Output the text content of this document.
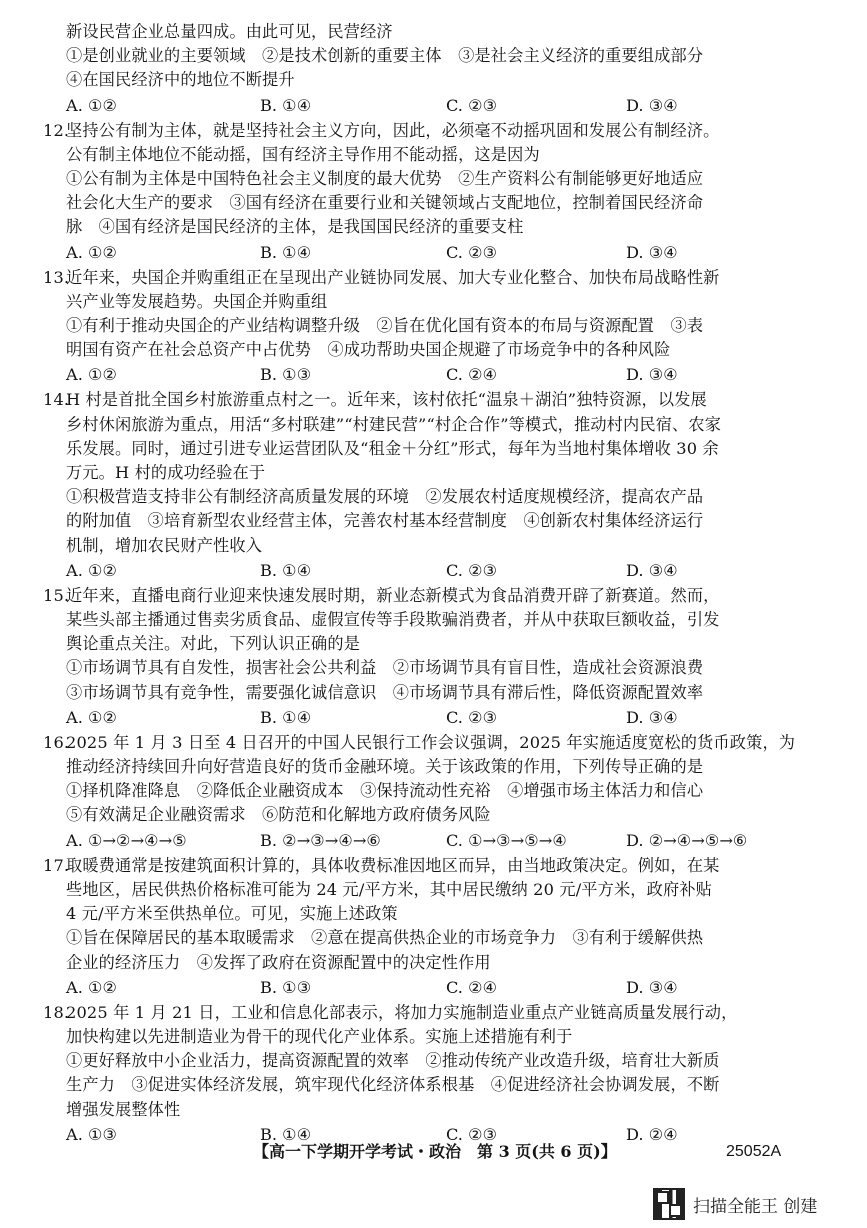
新设民营企业总量四成。由此可见，民营经济
①是创业就业的主要领域　②是技术创新的重要主体　③是社会主义经济的重要组成部分
④在国民经济中的地位不断提升
A. ①②	B. ①④	C. ②③	D. ③④
12.坚持公有制为主体，就是坚持社会主义方向，因此，必须毫不动摇巩固和发展公有制经济。
公有制主体地位不能动摇，国有经济主导作用不能动摇，这是因为
①公有制为主体是中国特色社会主义制度的最大优势　②生产资料公有制能够更好地适应
社会化大生产的要求　③国有经济在重要行业和关键领域占支配地位，控制着国民经济命
脉　④国有经济是国民经济的主体，是我国国民经济的重要支柱
A. ①②	B. ①④	C. ②③	D. ③④
13.近年来，央国企并购重组正在呈现出产业链协同发展、加大专业化整合、加快布局战略性新
兴产业等发展趋势。央国企并购重组
①有利于推动央国企的产业结构调整升级　②旨在优化国有资本的布局与资源配置　③表
明国有资产在社会总资产中占优势　④成功帮助央国企规避了市场竞争中的各种风险
A. ①②	B. ①③	C. ②④	D. ③④
14.H 村是首批全国乡村旅游重点村之一。近年来，该村依托“温泉＋湖泊”独特资源，以发展
乡村休闲旅游为重点，用活“多村联建”“村建民营”“村企合作”等模式，推动村内民宿、农家
乐发展。同时，通过引进专业运营团队及“租金＋分红”形式，每年为当地村集体增收 30 余
万元。H 村的成功经验在于
①积极营造支持非公有制经济高质量发展的环境　②发展农村适度规模经济，提高农产品
的附加值　③培育新型农业经营主体，完善农村基本经营制度　④创新农村集体经济运行
机制，增加农民财产性收入
A. ①②	B. ①④	C. ②③	D. ③④
15.近年来，直播电商行业迎来快速发展时期，新业态新模式为食品消费开辟了新赛道。然而，
某些头部主播通过售卖劣质食品、虚假宣传等手段欺骗消费者，并从中获取巨额收益，引发
舆论重点关注。对此，下列认识正确的是
①市场调节具有自发性，损害社会公共利益　②市场调节具有盲目性，造成社会资源浪费
③市场调节具有竞争性，需要强化诚信意识　④市场调节具有滞后性，降低资源配置效率
A. ①②	B. ①④	C. ②③	D. ③④
16.2025 年 1 月 3 日至 4 日召开的中国人民银行工作会议强调，2025 年实施适度宽松的货币政策，为
推动经济持续回升向好营造良好的货币金融环境。关于该政策的作用，下列传导正确的是
①择机降准降息　②降低企业融资成本　③保持流动性充裕　④增强市场主体活力和信心
⑤有效满足企业融资需求　⑥防范和化解地方政府债务风险
A. ①→②→④→⑤	B. ②→③→④→⑥	C. ①→③→⑤→④	D. ②→④→⑤→⑥
17.取暖费通常是按建筑面积计算的，具体收费标准因地区而异，由当地政策决定。例如，在某
些地区，居民供热价格标准可能为 24 元/平方米，其中居民缴纳 20 元/平方米，政府补贴
4 元/平方米至供热单位。可见，实施上述政策
①旨在保障居民的基本取暖需求　②意在提高供热企业的市场竞争力　③有利于缓解供热
企业的经济压力　④发挥了政府在资源配置中的决定性作用
A. ①②	B. ①③	C. ②④	D. ③④
18.2025 年 1 月 21 日，工业和信息化部表示，将加力实施制造业重点产业链高质量发展行动，
加快构建以先进制造业为骨干的现代化产业体系。实施上述措施有利于
①更好释放中小企业活力，提高资源配置的效率　②推动传统产业改造升级，培育壮大新质
生产力　③促进实体经济发展，筑牢现代化经济体系根基　④促进经济社会协调发展，不断
增强发展整体性
A. ①③	B. ①④	C. ②③	D. ②④
【高一下学期开学考试・政治　第 3 页(共 6 页)】	25052A
扫描全能王 创建
